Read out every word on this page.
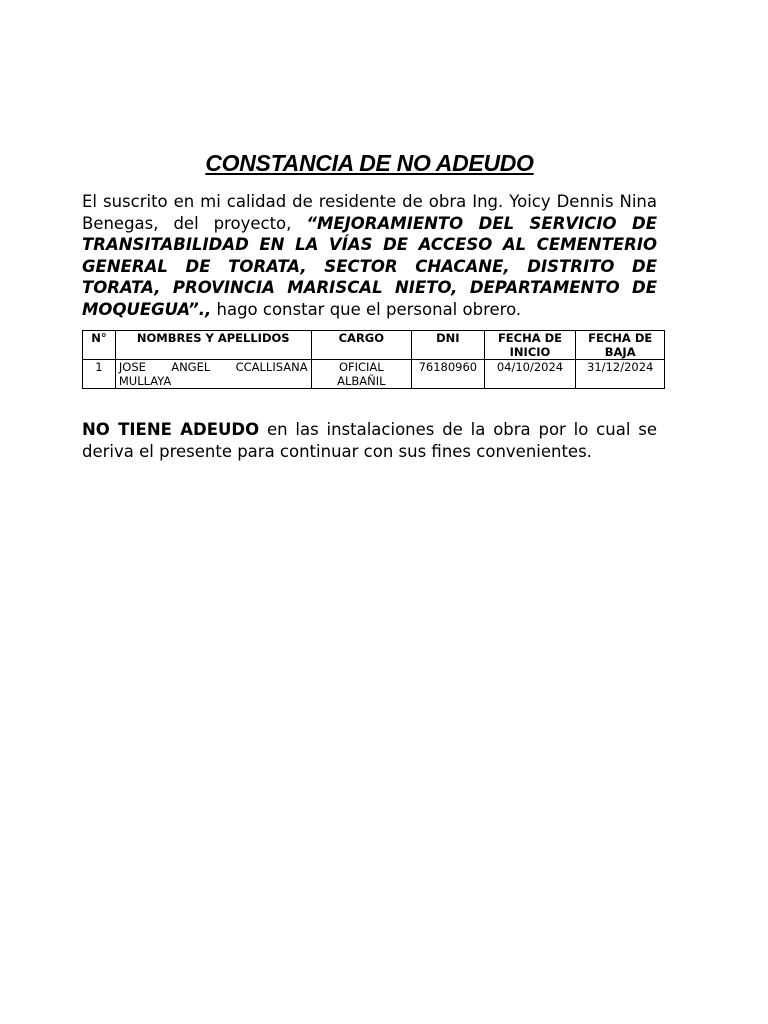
CONSTANCIA DE NO ADEUDO

El suscrito en mi calidad de residente de obra Ing. Yoicy Dennis Nina Benegas, del proyecto, “MEJORAMIENTO DEL SERVICIO DE TRANSITABILIDAD EN LA VÍAS DE ACCESO AL CEMENTERIO GENERAL DE TORATA, SECTOR CHACANE, DISTRITO DE TORATA, PROVINCIA MARISCAL NIETO, DEPARTAMENTO DE MOQUEGUA”., hago constar que el personal obrero.

N°	NOMBRES Y APELLIDOS	CARGO	DNI	FECHA DE INICIO	FECHA DE BAJA
1	JOSE ANGEL CCALLISANA MULLAYA	OFICIAL ALBAÑIL	76180960	04/10/2024	31/12/2024

NO TIENE ADEUDO en las instalaciones de la obra por lo cual se deriva el presente para continuar con sus fines convenientes.
